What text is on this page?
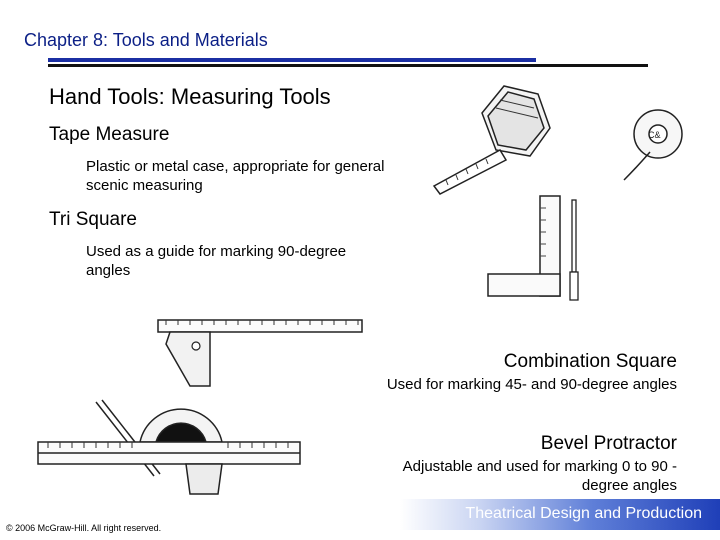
Chapter 8: Tools and Materials
Hand Tools: Measuring Tools
Tape Measure
Plastic or metal case, appropriate for general scenic measuring
Tri Square
Used as a guide for marking 90-degree angles
Combination Square
Used for marking 45- and 90-degree angles
Bevel Protractor
Adjustable and used for marking 0 to 90 -degree angles
C&
Theatrical Design and Production
© 2006 McGraw-Hill. All right reserved.
